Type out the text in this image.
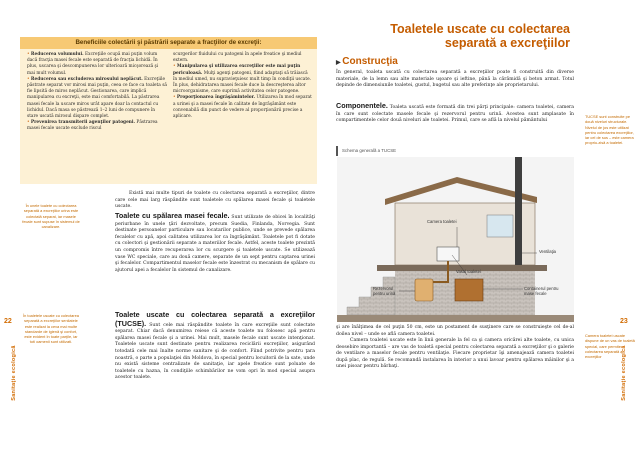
Beneficiile colectării şi păstrării separate a fracţiilor de excreţii:

• Reducerea volumului. Excreţiile ocupă mai puţin volum dacă fracţia masei fecale este separată de fracţia lichidă. În plus, uscarea şi descompunerea lor ulterioară micşorează şi mai mult volumul.

• Reducerea sau excluderea mirosului neplăcut. Excreţiile păstrate separat vor mirosi mai puţin, ceea ce face ca toaleta să fie lipsită de miros neplăcut. Gestionarea, care implică manipularea cu excreţii, este mai comfortabilă. La păstrarea masei fecale la uscare miros urât apare doar la contactul cu lichidul. Dacă masa se păstrează 1–2 luni de compunere în stare uscată mirosul dispare complet.

• Prevenirea transmiterii agenţilor patogeni. Păstrarea masei fecale uscate exclude riscul

scurgerilor fluidului cu patogeni în apele freatice şi mediul extern.

• Manipularea şi utilizarea excreţiilor este mai puţin periculoasă. Mulţi agenţi patogeni, fiind adaptaţi să trăiască în mediul umed, nu supravieţuiesc mult timp în condiţii uscate. În plus, dehidratarea masei fecale duce la descreşterea altor microorganisme, care suprimă activitatea celor patogene.

• Proporţionarea îngrăşămintelor. Utilizarea în mod separat a urinei şi a masei fecale în calitate de îngrăşământ este convenabilă din punct de vedere al proporţionării precise a aplicare.

În unele toalete cu colectarea separată a excreţiilor urina este colectată separat, iar masele fecale sunt supuse în sistemul de canalizare.
În toaletele uscate cu colectarea separată a excreţiilor senilatele este realizat la ceva mai multe standarde de igienă şi confort, este evident în toate parţile, iar toti oamenii sunt utilizati.

Există mai multe tipuri de toalete cu colectarea separată a excreţiilor, dintre care cele mai larg răspândite sunt toaletele cu spălarea masei fecale şi toaletele uscate.

Toalete cu spălarea masei fecale. Sunt utilizate de obicei în localităţi periurbane în unele ţări dezvoltate, precum Suedia, Finlanda, Norvegia. Sunt destinate persoanelor particulare sau locatarilor publice, unde se prevede spălarea fecalelor cu apă, apoi calitatea utilizarea lor ca îngrăşământ. Toaletele pot fi dotate cu colectori şi gestionării separate a materiilor fecale. Astfel, aceste toalete prezintă un compromis între recuperarea lor cu scurgere şi toaletele uscate. Se utilizează vase WC speciale, care au două camere, separate de un sept pentru captarea urinei şi fecalelor. Compartimentul maselor fecale este înzestrat cu mecanism de spălare cu ajutorul apei a fecalelor în sistemul de canalizare.
Toalete uscate cu colectarea separată a excreţiilor (TUCSE). Sunt cele mai răspândite toalete în care excreţiile sunt colectate separat. Chiar dacă denumirea reiese că aceste toalete nu folosesc apă pentru spălarea masei fecale şi a urinei. Mai mult, masele fecale sunt uscate intenţionat. Toaletele uscate sunt destinate pentru realizarea reciclării excreţiilor, asigurând totodată cele mai înalte norme sanitare şi de confort. Fiind potrivite pentru ţara noastră, o parte a populaţiei din Moldova, în special pentru locuitorii de la sate, unde nu există sisteme centralizate de sanitaţie, iar apele freatice sunt poluate de toaletele cu hazna, în condiţiile schimbărilor ne vom opri în mod special asupra acestor toalete.
22
Sanitaţie ecologică
Toaletele uscate cu colectarea
separată a excreţiilor
▶ Construcţia

În general, toaleta uscată cu colectarea separată a excreţiilor poate fi construită din diverse materiale, de la lemn sau alte materiale uşoare şi ieftine, până la cărămidă şi beton armat. Totul depinde de dimensiunile toaletei, gustul, bugetul sau alte preferinţe ale proprietarului.

Componentele. Toaleta uscată este formată din trei părţi principale: camera toaletei, camera în care sunt colectate masele fecale şi rezervorul pentru urină. Acestea sunt amplasate în compartimentele celor două niveluri ale toaletei. Primul, care se află la nivelul pământului
TUCSE sunt construite pe două niveluri structurale. Nivelul de jos este utilizat pentru colectarea excreţiilor, iar cel de sus – este camera propriu-zisă a toaletei.
Schema generală a TUCSE
Camera toaletei
Ventilaţia
Vasul toaletei
Rezervorul pentru urină
Containerul pentru mase fecale

şi are înălţimea de cel puţin 50 cm, este un postament de susţinere care se construieşte cel de-al doilea nivel – unde se află camera toaletei.

Camera toaletei uscate este în linii generale la fel ca şi camera oricărei alte toalete, cu unica deosebire importantă – are vas de toaletă special pentru colectarea separată a excreţiilor şi o galerie de ventilare a maselor fecale pentru ventilaţie. Fiecare proprietar îşi amenajează camera toaletei după plac, de regulă. Se recomandă instalarea în interior a unui lavoar pentru spălarea mâinilor şi a unei pisoar pentru bărbaţi.

Camera toaletei uscate dispune de un vas de toaletă special, care permite colectarea separată a excreţiilor
23
Sanitaţie ecologică
